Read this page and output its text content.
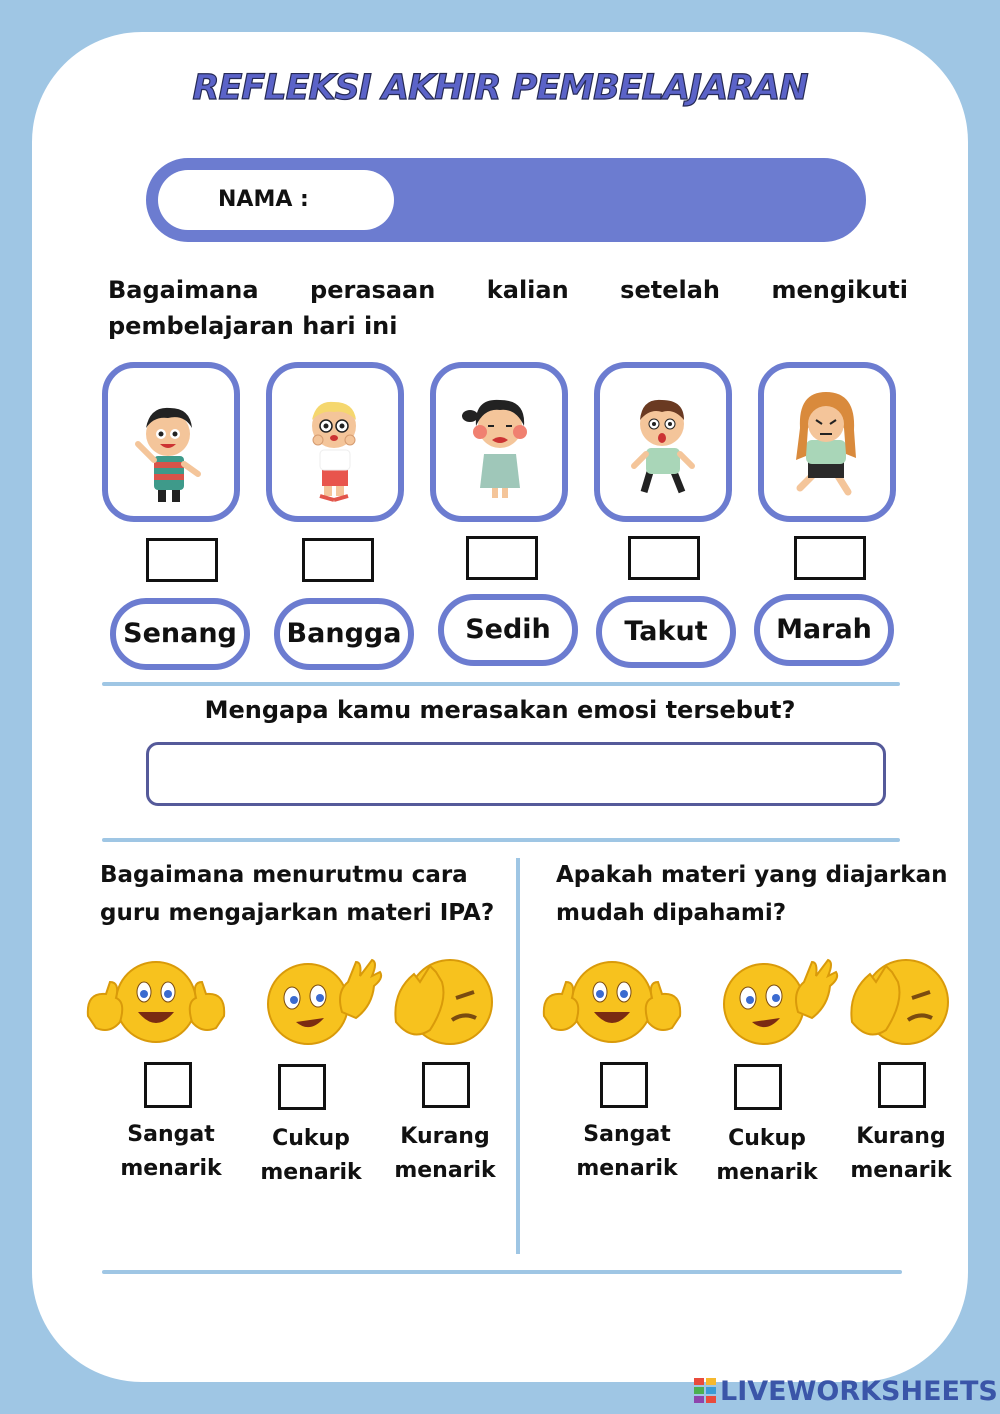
REFLEKSI AKHIR PEMBELAJARAN
NAMA :
Bagaimana perasaan kalian setelah mengikuti pembelajaran hari ini
Senang	Bangga	Sedih	Takut	Marah
Mengapa kamu merasakan emosi tersebut?
Bagaimana menurutmu cara guru mengajarkan materi IPA?
Apakah materi yang diajarkan mudah dipahami?
Sangat
menarik
Cukup
menarik
Kurang
menarik
Sangat
menarik
Cukup
menarik
Kurang
menarik
LIVEWORKSHEETS
